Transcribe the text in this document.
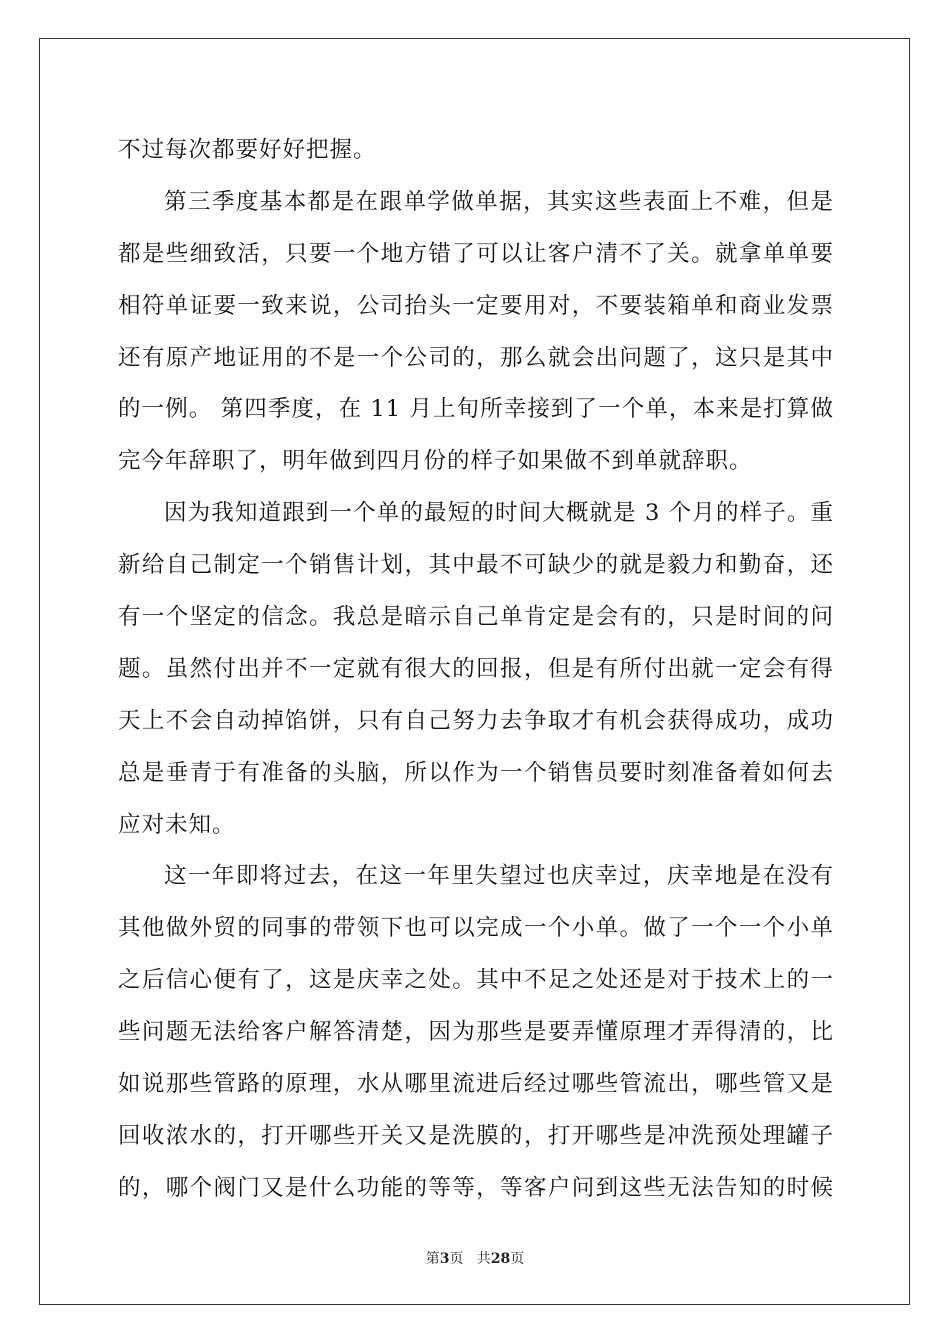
不过每次都要好好把握。
第三季度基本都是在跟单学做单据，其实这些表面上不难，但是
都是些细致活，只要一个地方错了可以让客户清不了关。就拿单单要
相符单证要一致来说，公司抬头一定要用对，不要装箱单和商业发票
还有原产地证用的不是一个公司的，那么就会出问题了，这只是其中
的一例。 第四季度，在 11 月上旬所幸接到了一个单，本来是打算做
完今年辞职了，明年做到四月份的样子如果做不到单就辞职。
因为我知道跟到一个单的最短的时间大概就是 3 个月的样子。重
新给自己制定一个销售计划，其中最不可缺少的就是毅力和勤奋，还
有一个坚定的信念。我总是暗示自己单肯定是会有的，只是时间的问
题。虽然付出并不一定就有很大的回报，但是有所付出就一定会有得
天上不会自动掉馅饼，只有自己努力去争取才有机会获得成功，成功
总是垂青于有准备的头脑，所以作为一个销售员要时刻准备着如何去
应对未知。
这一年即将过去，在这一年里失望过也庆幸过，庆幸地是在没有
其他做外贸的同事的带领下也可以完成一个小单。做了一个一个小单
之后信心便有了，这是庆幸之处。其中不足之处还是对于技术上的一
些问题无法给客户解答清楚，因为那些是要弄懂原理才弄得清的，比
如说那些管路的原理，水从哪里流进后经过哪些管流出，哪些管又是
回收浓水的，打开哪些开关又是洗膜的，打开哪些是冲洗预处理罐子
的，哪个阀门又是什么功能的等等，等客户问到这些无法告知的时候
第3页   共28页
